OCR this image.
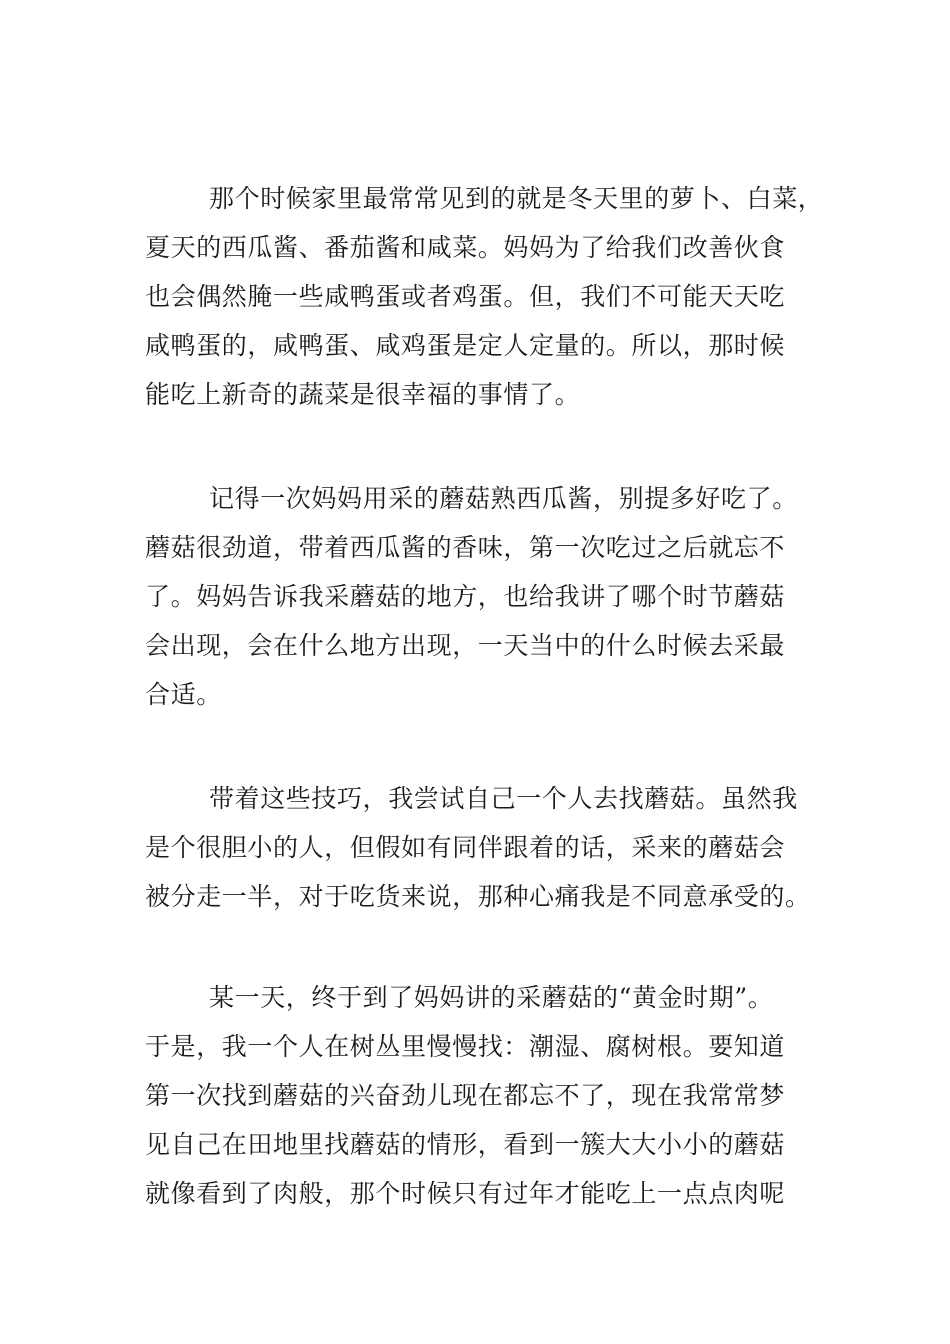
那个时候家里最常常见到的就是冬天里的萝卜、白菜，
夏天的西瓜酱、番茄酱和咸菜。妈妈为了给我们改善伙食
也会偶然腌一些咸鸭蛋或者鸡蛋。但，我们不可能天天吃
咸鸭蛋的，咸鸭蛋、咸鸡蛋是定人定量的。所以，那时候
能吃上新奇的蔬菜是很幸福的事情了。

记得一次妈妈用采的蘑菇熟西瓜酱，别提多好吃了。
蘑菇很劲道，带着西瓜酱的香味，第一次吃过之后就忘不
了。妈妈告诉我采蘑菇的地方，也给我讲了哪个时节蘑菇
会出现，会在什么地方出现，一天当中的什么时候去采最
合适。

带着这些技巧，我尝试自己一个人去找蘑菇。虽然我
是个很胆小的人，但假如有同伴跟着的话，采来的蘑菇会
被分走一半，对于吃货来说，那种心痛我是不同意承受的。

某一天，终于到了妈妈讲的采蘑菇的“黄金时期”。
于是，我一个人在树丛里慢慢找：潮湿、腐树根。要知道
第一次找到蘑菇的兴奋劲儿现在都忘不了，现在我常常梦
见自己在田地里找蘑菇的情形，看到一簇大大小小的蘑菇
就像看到了肉般，那个时候只有过年才能吃上一点点肉呢
